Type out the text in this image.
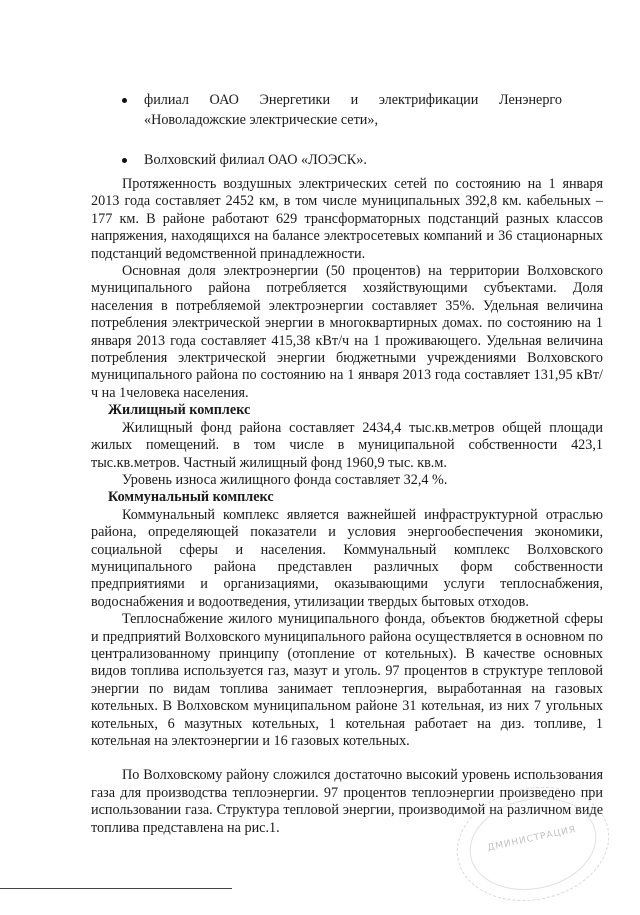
филиал ОАО Энергетики и электрификации Ленэнерго «Новоладожские электрические сети»,
Волховский филиал ОАО «ЛОЭСК».

Протяженность воздушных электрических сетей по состоянию на 1 января 2013 года составляет 2452 км, в том числе муниципальных 392,8 км. кабельных – 177 км. В районе работают 629 трансформаторных подстанций разных классов напряжения, находящихся на балансе электросетевых компаний и 36 стационарных подстанций ведомственной принадлежности.

Основная доля электроэнергии (50 процентов) на территории Волховского муниципального района потребляется хозяйствующими субъектами. Доля населения в потребляемой электроэнергии составляет 35%. Удельная величина потребления электрической энергии в многоквартирных домах. по состоянию на 1 января 2013 года составляет 415,38 кВт/ч на 1 проживающего. Удельная величина потребления электрической энергии бюджетными учреждениями Волховского муниципального района по состоянию на 1 января 2013 года составляет 131,95 кВт/ч на 1человека населения.

Жилищный комплекс

Жилищный фонд района составляет 2434,4 тыс.кв.метров общей площади жилых помещений. в том числе в муниципальной собственности 423,1 тыс.кв.метров. Частный жилищный фонд 1960,9 тыс. кв.м.

Уровень износа жилищного фонда составляет 32,4 %.

Коммунальный комплекс

Коммунальный комплекс является важнейшей инфраструктурной отраслью района, определяющей показатели и условия энергообеспечения экономики, социальной сферы и населения. Коммунальный комплекс Волховского муниципального района представлен различных форм собственности предприятиями и организациями, оказывающими услуги теплоснабжения, водоснабжения и водоотведения, утилизации твердых бытовых отходов.

Теплоснабжение жилого муниципального фонда, объектов бюджетной сферы и предприятий Волховского муниципального района осуществляется в основном по централизованному принципу (отопление от котельных). В качестве основных видов топлива используется газ, мазут и уголь. 97 процентов в структуре тепловой энергии по видам топлива занимает теплоэнергия, выработанная на газовых котельных. В Волховском муниципальном районе 31 котельная, из них 7 угольных котельных, 6 мазутных котельных, 1 котельная работает на диз. топливе, 1 котельная на электоэнергии и 16 газовых котельных.

По Волховскому району сложился достаточно высокий уровень использования газа для производства теплоэнергии. 97 процентов теплоэнергии произведено при использовании газа. Структура тепловой энергии, производимой на различном виде топлива представлена на рис.1.	ДМИНИСТРАЦИЯ
